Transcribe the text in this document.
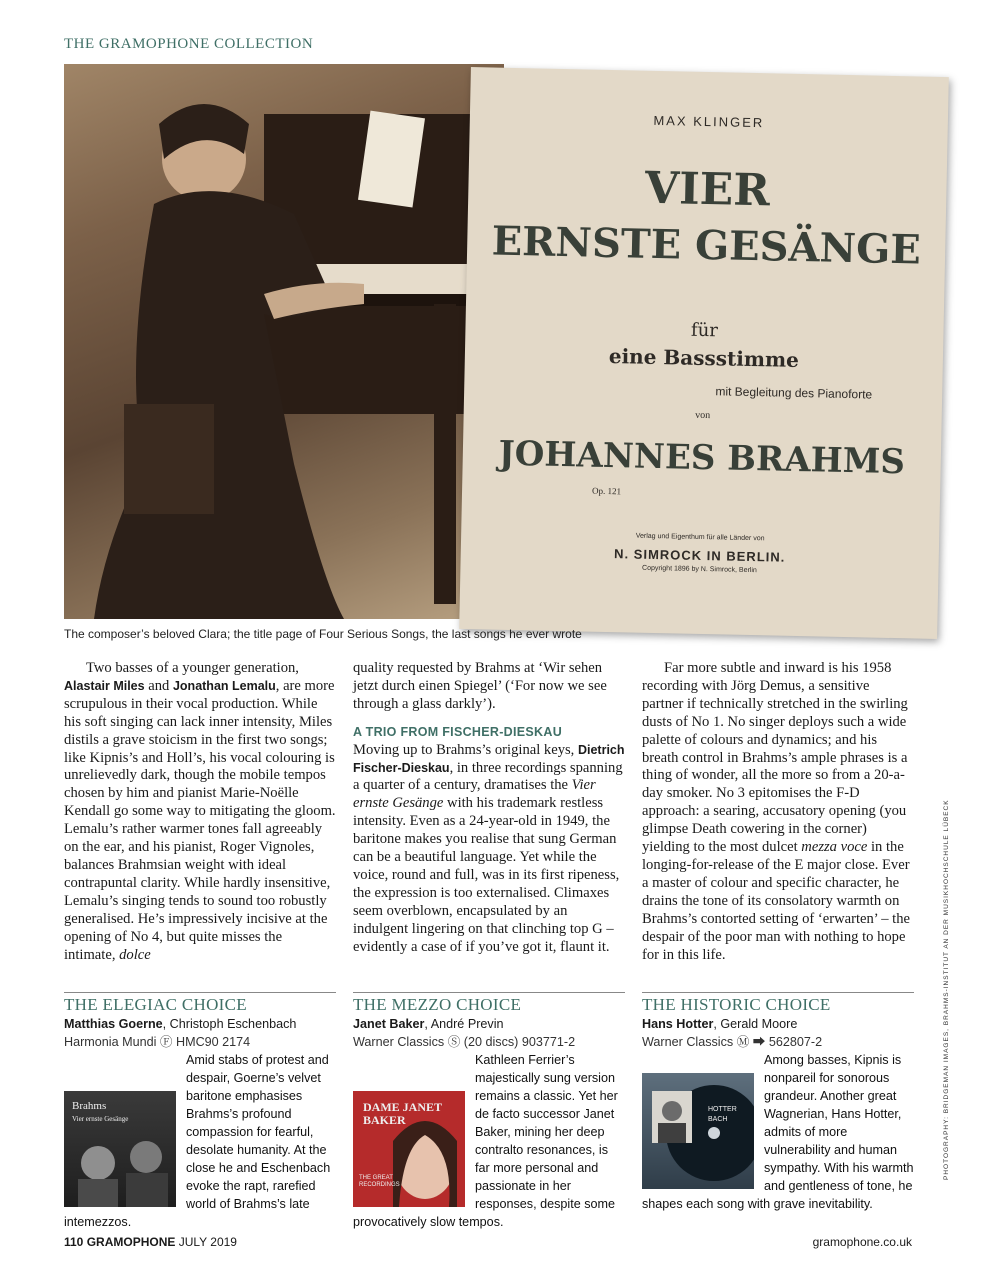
THE GRAMOPHONE COLLECTION
MAX KLINGER
VIER
ERNSTE GESÄNGE
für
eine Bassstimme
mit Begleitung des Pianoforte
von
JOHANNES BRAHMS
Op. 121
Verlag und Eigenthum für alle Länder von
N. SIMROCK IN BERLIN.
Copyright 1896 by N. Simrock, Berlin
The composer’s beloved Clara; the title page of Four Serious Songs, the last songs he ever wrote

Two basses of a younger generation, Alastair Miles and Jonathan Lemalu, are more scrupulous in their vocal production. While his soft singing can lack inner intensity, Miles distils a grave stoicism in the first two songs; like Kipnis’s and Holl’s, his vocal colouring is unrelievedly dark, though the mobile tempos chosen by him and pianist Marie-Noëlle Kendall go some way to mitigating the gloom. Lemalu’s rather warmer tones fall agreeably on the ear, and his pianist, Roger Vignoles, balances Brahmsian weight with ideal contrapuntal clarity. While hardly insensitive, Lemalu’s singing tends to sound too robustly generalised. He’s impressively incisive at the opening of No 4, but quite misses the intimate, dolce

quality requested by Brahms at ‘Wir sehen jetzt durch einen Spiegel’ (‘For now we see through a glass darkly’).

A TRIO FROM FISCHER-DIESKAU

Moving up to Brahms’s original keys, Dietrich Fischer-Dieskau, in three recordings spanning a quarter of a century, dramatises the Vier ernste Gesänge with his trademark restless intensity. Even as a 24-year-old in 1949, the baritone makes you realise that sung German can be a beautiful language. Yet while the voice, round and full, was in its first ripeness, the expression is too externalised. Climaxes seem overblown, encapsulated by an indulgent lingering on that clinching top G – evidently a case of if you’ve got it, flaunt it.

Far more subtle and inward is his 1958 recording with Jörg Demus, a sensitive partner if technically stretched in the swirling dusts of No 1. No singer deploys such a wide palette of colours and dynamics; and his breath control in Brahms’s ample phrases is a thing of wonder, all the more so from a 20-a-day smoker. No 3 epitomises the F-D approach: a searing, accusatory opening (you glimpse Death cowering in the corner) yielding to the most dulcet mezza voce in the longing-for-release of the E major close. Ever a master of colour and specific character, he drains the tone of its consolatory warmth on Brahms’s contorted setting of ‘erwarten’ – the despair of the poor man with nothing to hope for in this life.

THE ELEGIAC CHOICE
Matthias Goerne, Christoph Eschenbach
Harmonia Mundi Ⓕ HMC90 2174
Brahms
Vier ernste Gesänge
Amid stabs of protest and despair, Goerne’s velvet baritone emphasises Brahms’s profound compassion for fearful, desolate humanity. At the close he and Eschenbach evoke the rapt, rarefied world of Brahms’s late intemezzos.
THE MEZZO CHOICE
Janet Baker, André Previn
Warner Classics Ⓢ (20 discs) 903771-2
DAME JANET BAKER
THE GREAT RECORDINGS
Kathleen Ferrier’s majestically sung version remains a classic. Yet her de facto successor Janet Baker, mining her deep contralto resonances, is far more personal and passionate in her responses, despite some provocatively slow tempos.
THE HISTORIC CHOICE
Hans Hotter, Gerald Moore
Warner Classics Ⓜ ⮕ 562807-2
HOTTER
BACH
Among basses, Kipnis is nonpareil for sonorous grandeur. Another great Wagnerian, Hans Hotter, admits of more vulnerability and human sympathy. With his warmth and gentleness of tone, he shapes each song with grave inevitability.
PHOTOGRAPHY: BRIDGEMAN IMAGES, BRAHMS-INSTITUT AN DER MUSIKHOCHSCHULE LÜBECK
110 GRAMOPHONE JULY 2019	gramophone.co.uk
